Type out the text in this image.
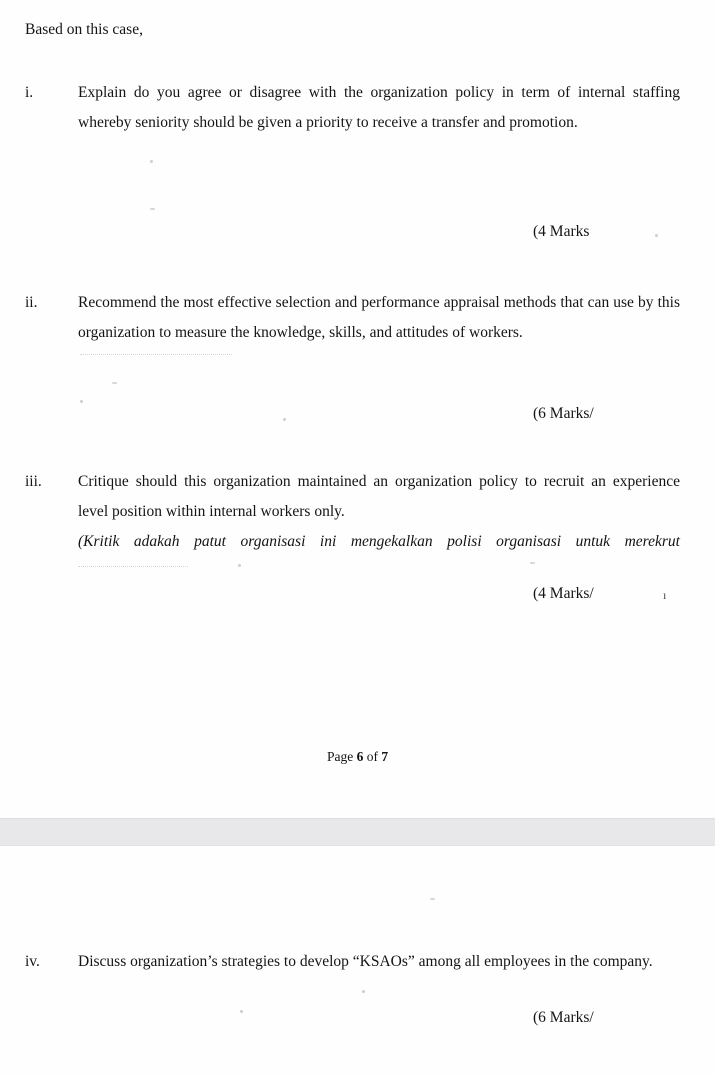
Based on this case,
i.	Explain do you agree or disagree with the organization policy in term of internal staffing whereby seniority should be given a priority to receive a transfer and promotion.
(4 Marks
ii.	Recommend the most effective selection and performance appraisal methods that can use by this organization to measure the knowledge, skills, and attitudes of workers.
(6 Marks/
iii.	Critique should this organization maintained an organization policy to recruit an experience level position within internal workers only.
(Kritik adakah patut organisasi ini mengekalkan polisi organisasi untuk merekrut
(4 Marks/	ı
Page 6 of 7
iv.	Discuss organization’s strategies to develop “KSAOs” among all employees in the company.
(6 Marks/
